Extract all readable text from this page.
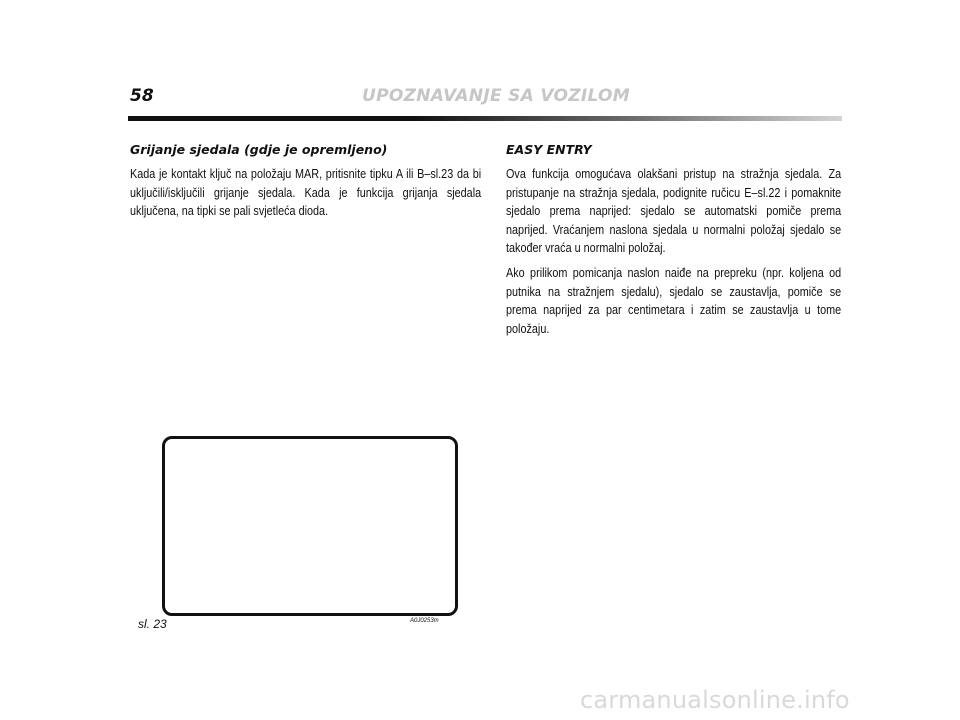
58	UPOZNAVANJE SA VOZILOM
Grijanje sjedala (gdje je opremljeno)

Kada je kontakt ključ na položaju MAR, pritisnite tipku A ili B–sl.23 da bi uključili/isključili grijanje sjedala. Kada je funkcija grijanja sjedala uključena, na tipki se pali svjetleća dioda.

EASY ENTRY

Ova funkcija omogućava olakšani pristup na stražnja sjedala. Za pristupanje na stražnja sjedala, podignite ručicu E–sl.22 i pomaknite sjedalo prema naprijed: sjedalo se automatski pomiče prema naprijed. Vraćanjem naslona sjedala u normalni položaj sjedalo se također vraća u normalni položaj.

Ako prilikom pomicanja naslon naiđe na prepreku (npr. koljena od putnika na stražnjem sjedalu), sjedalo se zaustavlja, pomiče se prema naprijed za par centimetara i zatim se zaustavlja u tome položaju.

sl. 23	A0J0253m
carmanualsonline.info
